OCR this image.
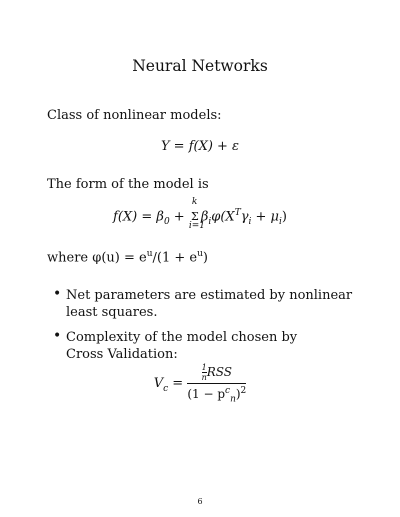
Neural Networks
Class of nonlinear models:
Y = f(X) + ε
The form of the model is
$f(X) = \beta_0$ +
k
Σ
i=1
$\beta_i\varphi(X^T\gamma_i + \mu_i)$
where $\varphi(u) = e^u/(1 + e^u)$
• Net parameters are estimated by nonlinear
least squares.
• Complexity of the model chosen by
Cross Validation:
$V_c = \frac{\frac{1}{n} RSS}{(1 - p^c_n)^2}$
6
